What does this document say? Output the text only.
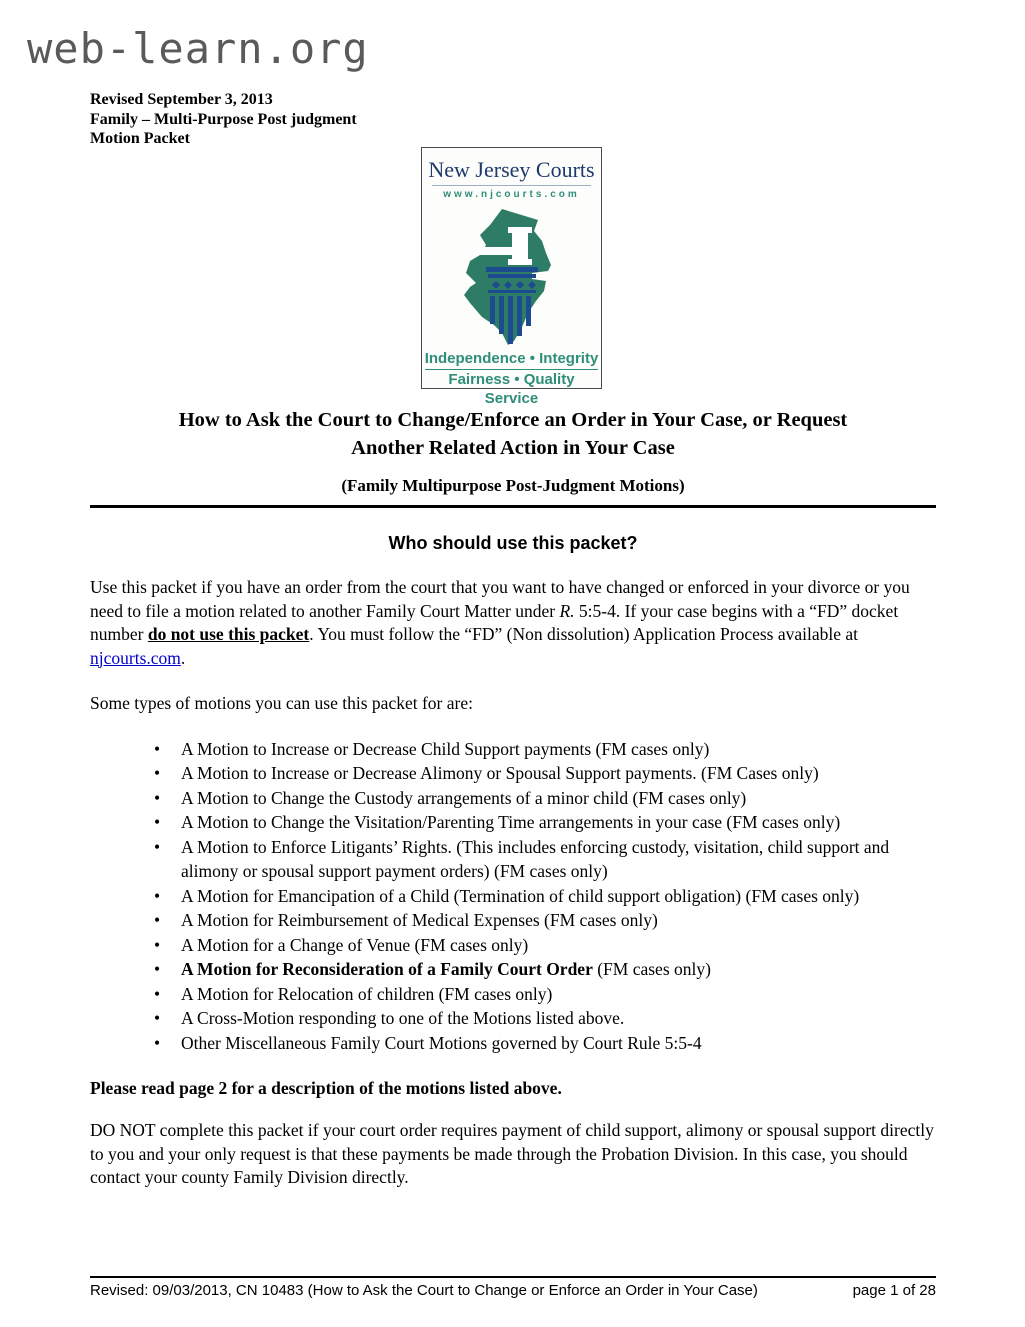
web-learn.org
Revised September 3, 2013
Family – Multi-Purpose Post judgment
Motion Packet
New Jersey Courts
www.njcourts.com
Independence • Integrity
Fairness • Quality Service
How to Ask the Court to Change/Enforce an Order in Your Case, or Request
Another Related Action in Your Case
(Family Multipurpose Post-Judgment Motions)
Who should use this packet?

Use this packet if you have an order from the court that you want to have changed or enforced in your divorce or you need to file a motion related to another Family Court Matter under R. 5:5-4. If your case begins with a “FD” docket number do not use this packet. You must follow the “FD” (Non dissolution) Application Process available at njcourts.com.

Some types of motions you can use this packet for are:

• A Motion to Increase or Decrease Child Support payments (FM cases only)
• A Motion to Increase or Decrease Alimony or Spousal Support payments. (FM Cases only)
• A Motion to Change the Custody arrangements of a minor child (FM cases only)
• A Motion to Change the Visitation/Parenting Time arrangements in your case (FM cases only)
• A Motion to Enforce Litigants’ Rights. (This includes enforcing custody, visitation, child support and alimony or spousal support payment orders) (FM cases only)
• A Motion for Emancipation of a Child (Termination of child support obligation) (FM cases only)
• A Motion for Reimbursement of Medical Expenses (FM cases only)
• A Motion for a Change of Venue (FM cases only)
• A Motion for Reconsideration of a Family Court Order (FM cases only)
• A Motion for Relocation of children (FM cases only)
• A Cross-Motion responding to one of the Motions listed above.
• Other Miscellaneous Family Court Motions governed by Court Rule 5:5-4

Please read page 2 for a description of the motions listed above.

DO NOT complete this packet if your court order requires payment of child support, alimony or spousal support directly to you and your only request is that these payments be made through the Probation Division. In this case, you should contact your county Family Division directly.

Revised: 09/03/2013, CN 10483 (How to Ask the Court to Change or Enforce an Order in Your Case)	page 1 of 28
